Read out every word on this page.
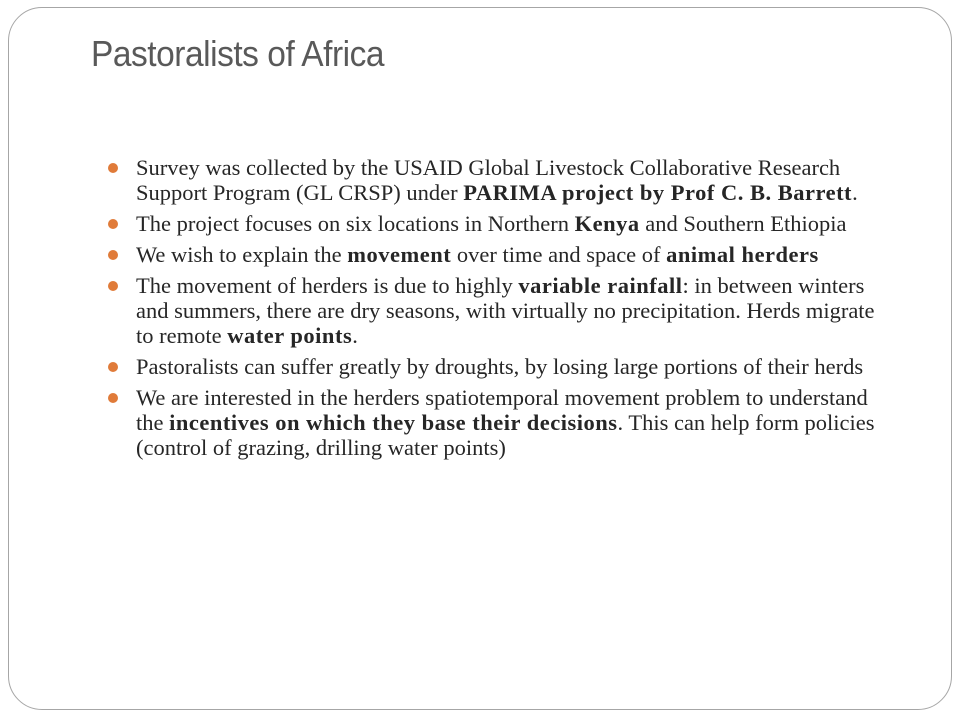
Pastoralists of Africa
Survey was collected by the USAID Global Livestock Collaborative Research Support Program (GL CRSP) under PARIMA project by Prof C. B. Barrett.
The project focuses on six locations in Northern Kenya and Southern Ethiopia
We wish to explain the movement over time and space of animal herders
The movement of herders is due to highly variable rainfall: in between winters and summers, there are dry seasons, with virtually no precipitation. Herds migrate to remote water points.
Pastoralists can suffer greatly by droughts, by losing large portions of their herds
We are interested in the herders spatiotemporal movement problem to understand the incentives on which they base their decisions. This can help form policies (control of grazing, drilling water points)
